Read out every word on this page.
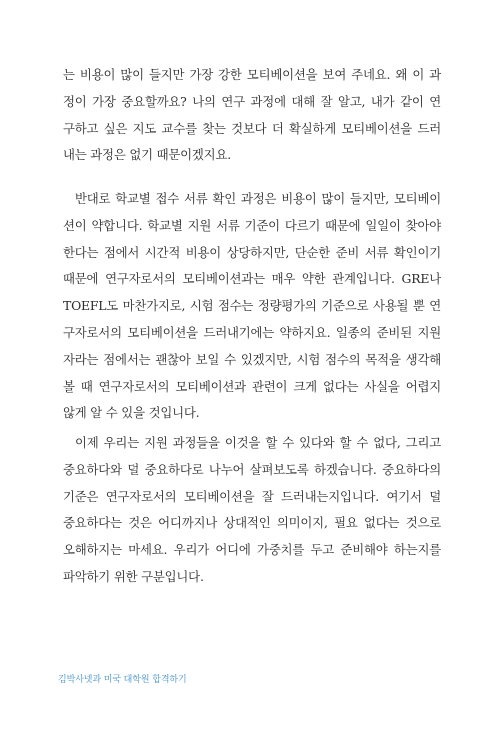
는 비용이 많이 들지만 가장 강한 모티베이션을 보여 주네요. 왜 이 과
정이 가장 중요할까요? 나의 연구 과정에 대해 잘 알고, 내가 같이 연
구하고 싶은 지도 교수를 찾는 것보다 더 확실하게 모티베이션을 드러
내는 과정은 없기 때문이겠지요.

반대로 학교별 접수 서류 확인 과정은 비용이 많이 들지만, 모티베이
션이 약합니다. 학교별 지원 서류 기준이 다르기 때문에 일일이 찾아야
한다는 점에서 시간적 비용이 상당하지만, 단순한 준비 서류 확인이기
때문에 연구자로서의 모티베이션과는 매우 약한 관계입니다. GRE나
TOEFL도 마찬가지로, 시험 점수는 정량평가의 기준으로 사용될 뿐 연
구자로서의 모티베이션을 드러내기에는 약하지요. 일종의 준비된 지원
자라는 점에서는 괜찮아 보일 수 있겠지만, 시험 점수의 목적을 생각해
볼 때 연구자로서의 모티베이션과 관련이 크게 없다는 사실을 어렵지
않게 알 수 있을 것입니다.

이제 우리는 지원 과정들을 이것을 할 수 있다와 할 수 없다, 그리고
중요하다와 덜 중요하다로 나누어 살펴보도록 하겠습니다. 중요하다의
기준은 연구자로서의 모티베이션을 잘 드러내는지입니다. 여기서 덜
중요하다는 것은 어디까지나 상대적인 의미이지, 필요 없다는 것으로
오해하지는 마세요. 우리가 어디에 가중치를 두고 준비해야 하는지를
파악하기 위한 구분입니다.

김박사넷과 미국 대학원 합격하기
